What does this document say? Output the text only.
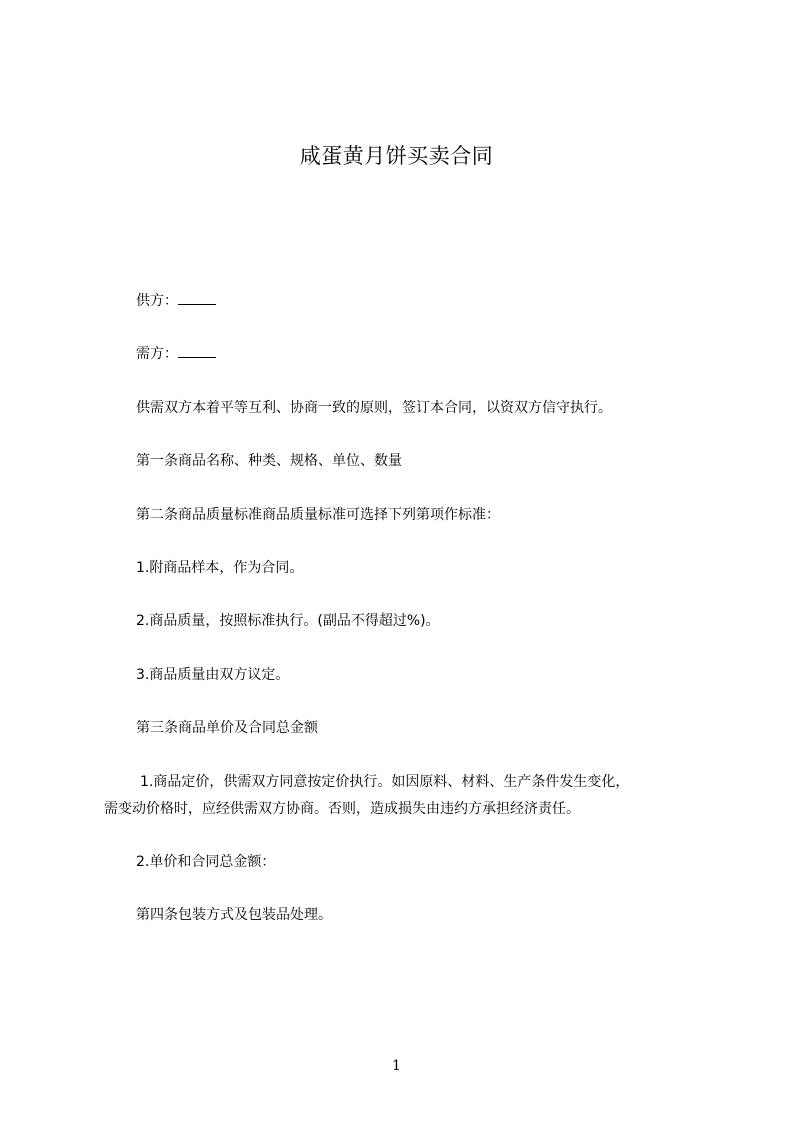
咸蛋黄月饼买卖合同
供方：
需方：
供需双方本着平等互利、协商一致的原则，签订本合同，以资双方信守执行。
第一条商品名称、种类、规格、单位、数量
第二条商品质量标准商品质量标准可选择下列第项作标准：
1.附商品样本，作为合同。
2.商品质量，按照标准执行。(副品不得超过%)。
3.商品质量由双方议定。
第三条商品单价及合同总金额
1.商品定价，供需双方同意按定价执行。如因原料、材料、生产条件发生变化，
需变动价格时，应经供需双方协商。否则，造成损失由违约方承担经济责任。
2.单价和合同总金额：
第四条包装方式及包装品处理。
1
